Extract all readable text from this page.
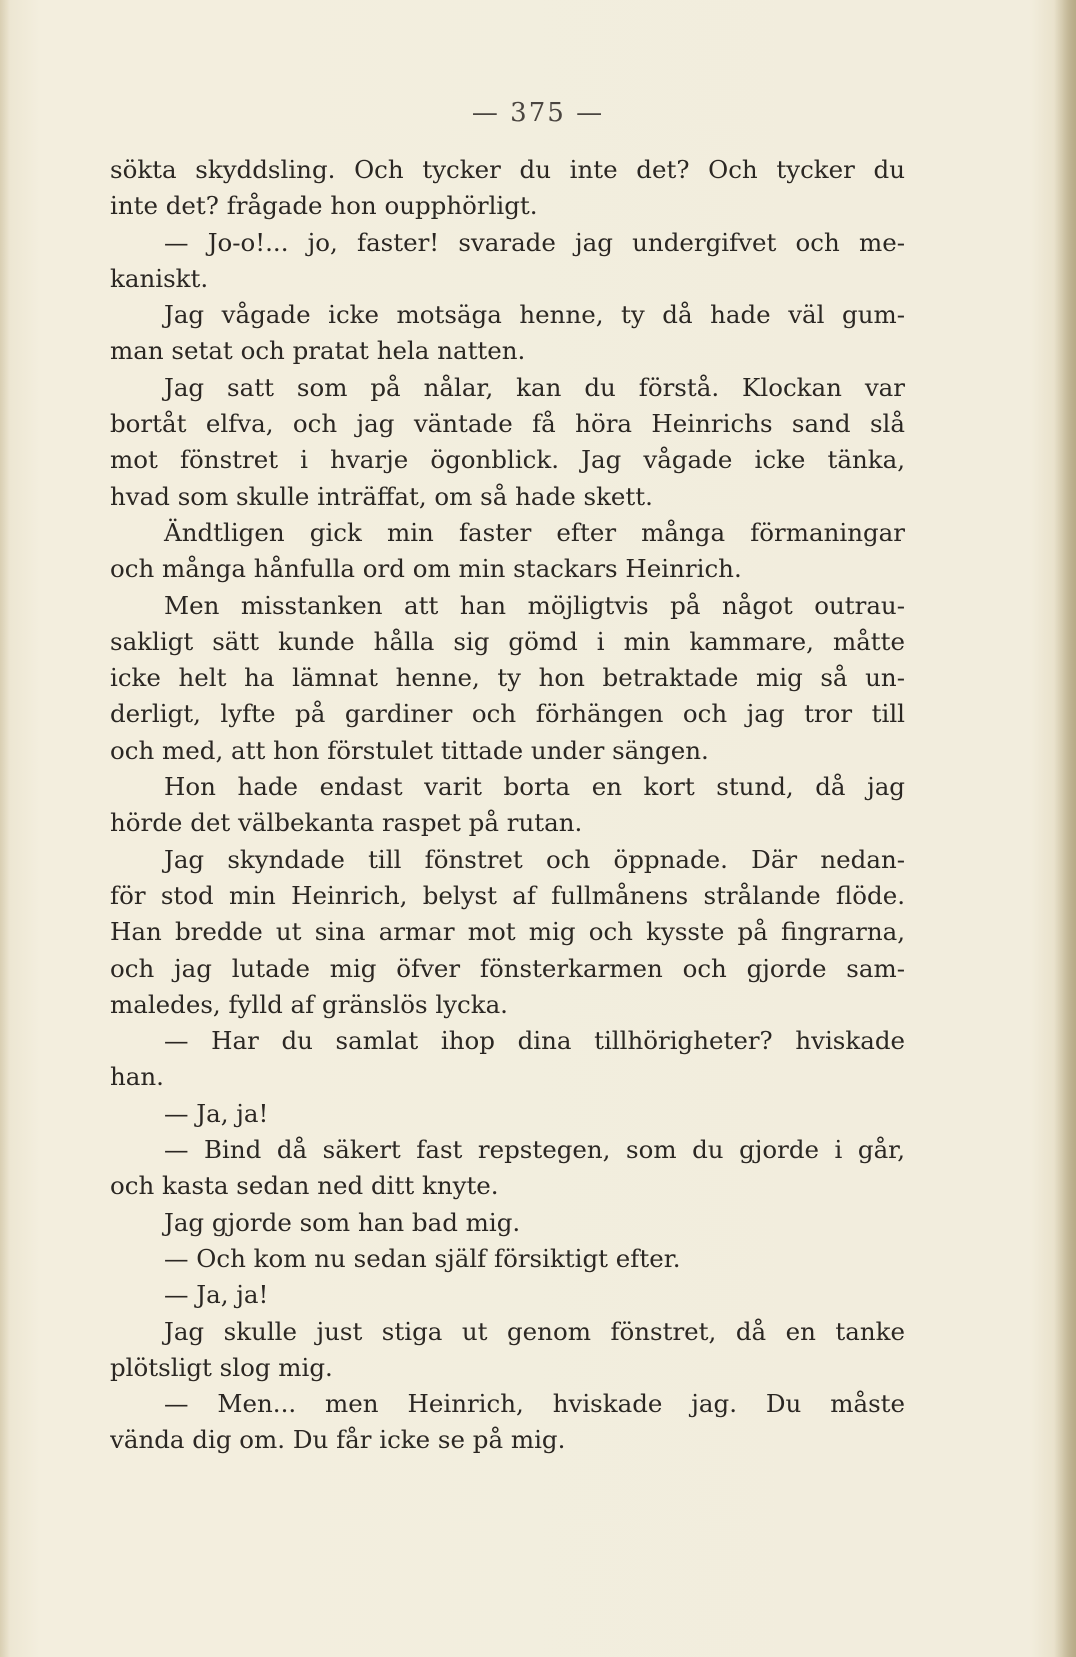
— 375 —
sökta skyddsling. Och tycker du inte det? Och tycker du
inte det? frågade hon oupphörligt.
— Jo-o!... jo, faster! svarade jag undergifvet och me-
kaniskt.
Jag vågade icke motsäga henne, ty då hade väl gum-
man setat och pratat hela natten.
Jag satt som på nålar, kan du förstå. Klockan var
bortåt elfva, och jag väntade få höra Heinrichs sand slå
mot fönstret i hvarje ögonblick. Jag vågade icke tänka,
hvad som skulle inträffat, om så hade skett.
Ändtligen gick min faster efter många förmaningar
och många hånfulla ord om min stackars Heinrich.
Men misstanken att han möjligtvis på något outrau-
sakligt sätt kunde hålla sig gömd i min kammare, måtte
icke helt ha lämnat henne, ty hon betraktade mig så un-
derligt, lyfte på gardiner och förhängen och jag tror till
och med, att hon förstulet tittade under sängen.
Hon hade endast varit borta en kort stund, då jag
hörde det välbekanta raspet på rutan.
Jag skyndade till fönstret och öppnade. Där nedan-
för stod min Heinrich, belyst af fullmånens strålande flöde.
Han bredde ut sina armar mot mig och kysste på fingrarna,
och jag lutade mig öfver fönsterkarmen och gjorde sam-
maledes, fylld af gränslös lycka.
— Har du samlat ihop dina tillhörigheter? hviskade
han.
— Ja, ja!
— Bind då säkert fast repstegen, som du gjorde i går,
och kasta sedan ned ditt knyte.
Jag gjorde som han bad mig.
— Och kom nu sedan själf försiktigt efter.
— Ja, ja!
Jag skulle just stiga ut genom fönstret, då en tanke
plötsligt slog mig.
— Men... men Heinrich, hviskade jag. Du måste
vända dig om. Du får icke se på mig.
